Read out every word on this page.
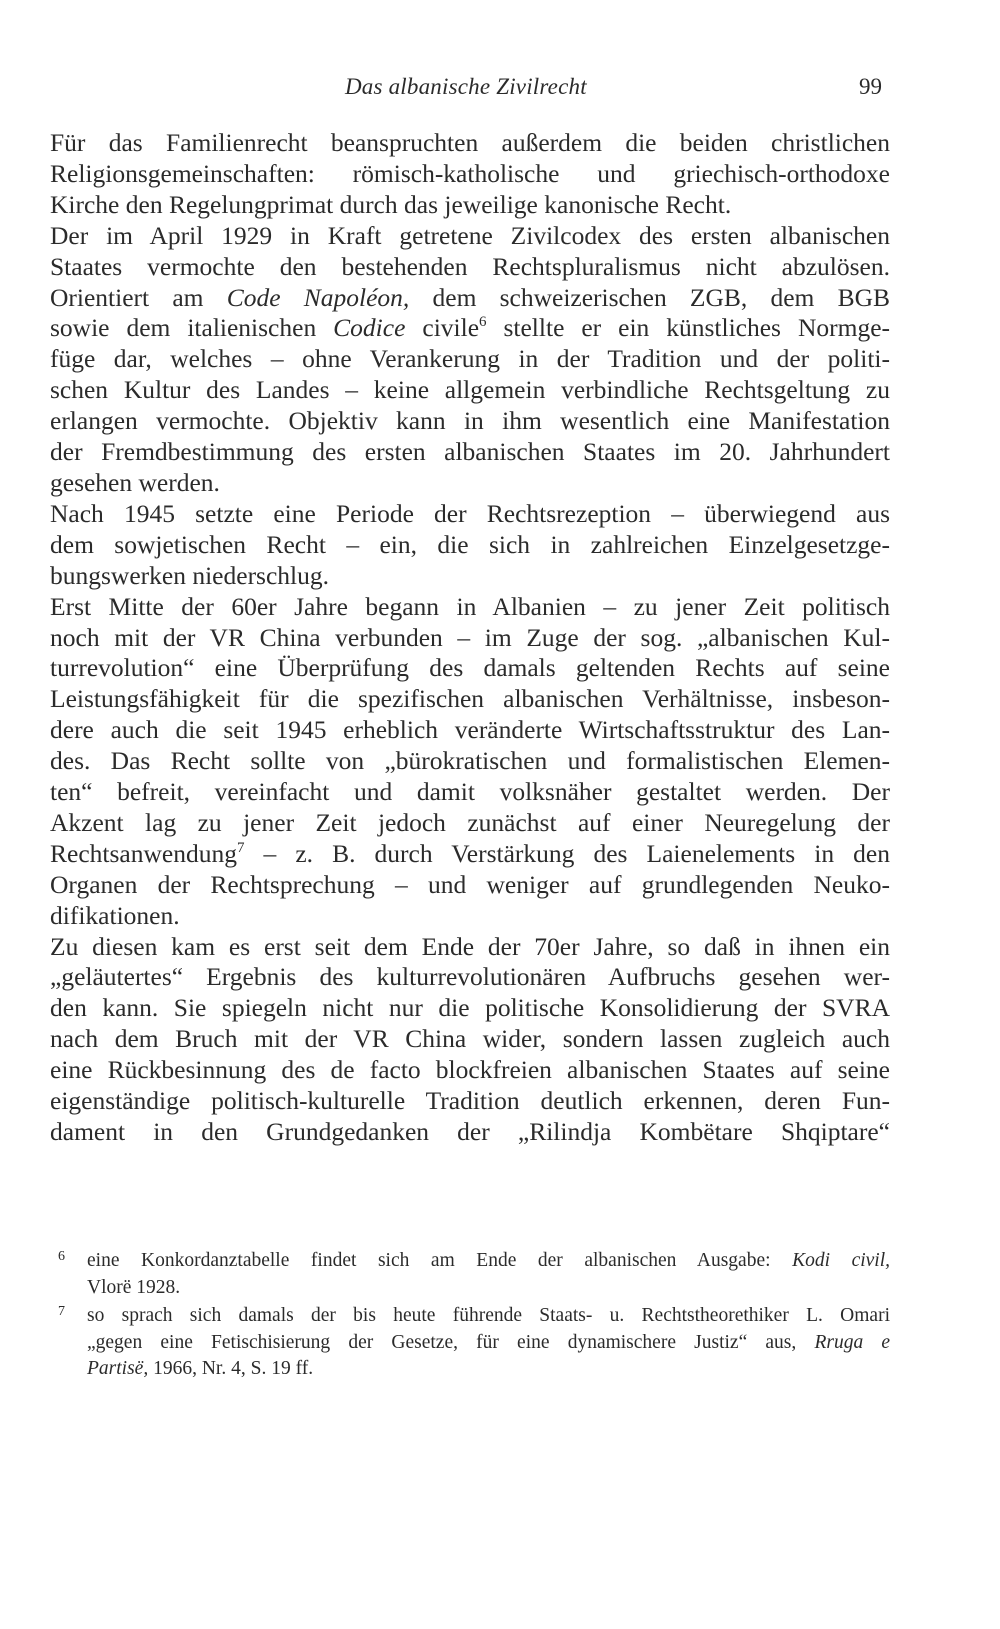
Das albanische Zivilrecht	99

Für das Familienrecht beanspruchten außerdem die beiden christlichen
Religionsgemeinschaften: römisch-katholische und griechisch-orthodoxe
Kirche den Regelungprimat durch das jeweilige kanonische Recht.

Der im April 1929 in Kraft getretene Zivilcodex des ersten albanischen
Staates vermochte den bestehenden Rechtspluralismus nicht abzulösen.
Orientiert am Code Napoléon, dem schweizerischen ZGB, dem BGB
sowie dem italienischen Codice civile$^6$ stellte er ein künstliches Normge-
füge dar, welches – ohne Verankerung in der Tradition und der politi-
schen Kultur des Landes – keine allgemein verbindliche Rechtsgeltung zu
erlangen vermochte. Objektiv kann in ihm wesentlich eine Manifestation
der Fremdbestimmung des ersten albanischen Staates im 20. Jahrhundert
gesehen werden.

Nach 1945 setzte eine Periode der Rechtsrezeption – überwiegend aus
dem sowjetischen Recht – ein, die sich in zahlreichen Einzelgesetzge-
bungswerken niederschlug.

Erst Mitte der 60er Jahre begann in Albanien – zu jener Zeit politisch
noch mit der VR China verbunden – im Zuge der sog. „albanischen Kul-
turrevolution“ eine Überprüfung des damals geltenden Rechts auf seine
Leistungsfähigkeit für die spezifischen albanischen Verhältnisse, insbeson-
dere auch die seit 1945 erheblich veränderte Wirtschaftsstruktur des Lan-
des. Das Recht sollte von „bürokratischen und formalistischen Elemen-
ten“ befreit, vereinfacht und damit volksnäher gestaltet werden. Der
Akzent lag zu jener Zeit jedoch zunächst auf einer Neuregelung der
Rechtsanwendung$^7$ – z. B. durch Verstärkung des Laienelements in den
Organen der Rechtsprechung – und weniger auf grundlegenden Neuko-
difikationen.

Zu diesen kam es erst seit dem Ende der 70er Jahre, so daß in ihnen ein
„geläutertes“ Ergebnis des kulturrevolutionären Aufbruchs gesehen wer-
den kann. Sie spiegeln nicht nur die politische Konsolidierung der SVRA
nach dem Bruch mit der VR China wider, sondern lassen zugleich auch
eine Rückbesinnung des de facto blockfreien albanischen Staates auf seine
eigenständige politisch-kulturelle Tradition deutlich erkennen, deren Fun-
dament in den Grundgedanken der „Rilindja Kombëtare Shqiptare“

6 eine Konkordanztabelle findet sich am Ende der albanischen Ausgabe: Kodi civil,
Vlorë 1928.
7 so sprach sich damals der bis heute führende Staats- u. Rechtstheorethiker L. Omari
„gegen eine Fetischisierung der Gesetze, für eine dynamischere Justiz“ aus, Rruga e
Partisë, 1966, Nr. 4, S. 19 ff.
